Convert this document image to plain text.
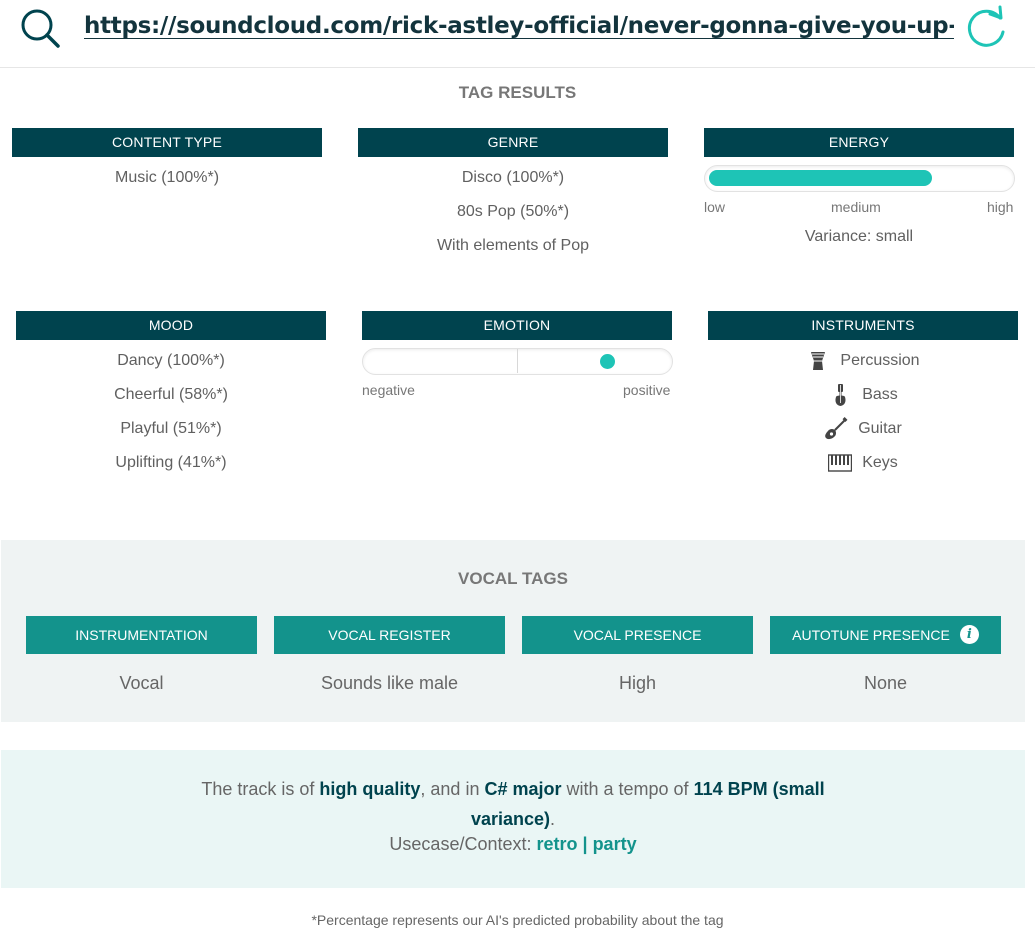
https://soundcloud.com/rick-astley-official/never-gonna-give-you-up-4
TAG RESULTS
CONTENT TYPE
Music (100%*)
GENRE
Disco (100%*)
80s Pop (50%*)
With elements of Pop
ENERGY
low	medium	high
Variance: small
MOOD
Dancy (100%*)
Cheerful (58%*)
Playful (51%*)
Uplifting (41%*)
EMOTION
negative	positive
INSTRUMENTS
Percussion
Bass
Guitar
Keys
VOCAL TAGS
INSTRUMENTATION
Vocal
VOCAL REGISTER
Sounds like male
VOCAL PRESENCE
High
AUTOTUNE PRESENCE i
None
The track is of high quality, and in C# major with a tempo of 114 BPM (small variance).
Usecase/Context: retro | party
*Percentage represents our AI's predicted probability about the tag
